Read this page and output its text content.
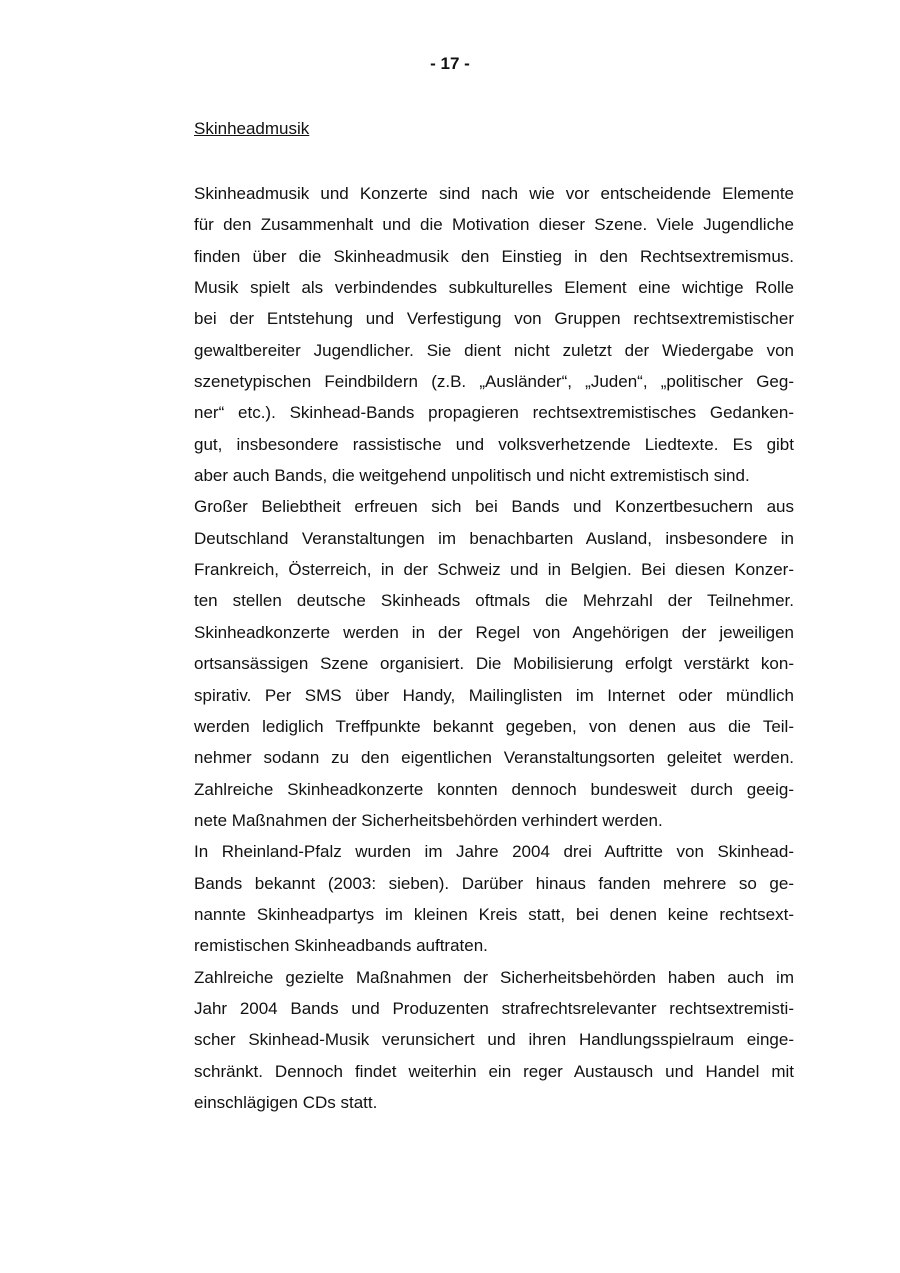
- 17 -
Skinheadmusik
Skinheadmusik und Konzerte sind nach wie vor entscheidende Elemente
für den Zusammenhalt und die Motivation dieser Szene. Viele Jugendliche
finden über die Skinheadmusik den Einstieg in den Rechtsextremismus.
Musik spielt als verbindendes subkulturelles Element eine wichtige Rolle
bei der Entstehung und Verfestigung von Gruppen rechtsextremistischer
gewaltbereiter Jugendlicher. Sie dient nicht zuletzt der Wiedergabe von
szenetypischen Feindbildern (z.B. „Ausländer“, „Juden“, „politischer Geg-
ner“ etc.). Skinhead-Bands propagieren rechtsextremistisches Gedanken-
gut, insbesondere rassistische und volksverhetzende Liedtexte. Es gibt
aber auch Bands, die weitgehend unpolitisch und nicht extremistisch sind.
Großer Beliebtheit erfreuen sich bei Bands und Konzertbesuchern aus
Deutschland Veranstaltungen im benachbarten Ausland, insbesondere in
Frankreich, Österreich, in der Schweiz und in Belgien. Bei diesen Konzer-
ten stellen deutsche Skinheads oftmals die Mehrzahl der Teilnehmer.
Skinheadkonzerte werden in der Regel von Angehörigen der jeweiligen
ortsansässigen Szene organisiert. Die Mobilisierung erfolgt verstärkt kon-
spirativ. Per SMS über Handy, Mailinglisten im Internet oder mündlich
werden lediglich Treffpunkte bekannt gegeben, von denen aus die Teil-
nehmer sodann zu den eigentlichen Veranstaltungsorten geleitet werden.
Zahlreiche Skinheadkonzerte konnten dennoch bundesweit durch geeig-
nete Maßnahmen der Sicherheitsbehörden verhindert werden.
In Rheinland-Pfalz wurden im Jahre 2004 drei Auftritte von Skinhead-
Bands bekannt (2003: sieben). Darüber hinaus fanden mehrere so ge-
nannte Skinheadpartys im kleinen Kreis statt, bei denen keine rechtsext-
remistischen Skinheadbands auftraten.
Zahlreiche gezielte Maßnahmen der Sicherheitsbehörden haben auch im
Jahr 2004 Bands und Produzenten strafrechtsrelevanter rechtsextremisti-
scher Skinhead-Musik verunsichert und ihren Handlungsspielraum einge-
schränkt. Dennoch findet weiterhin ein reger Austausch und Handel mit
einschlägigen CDs statt.
